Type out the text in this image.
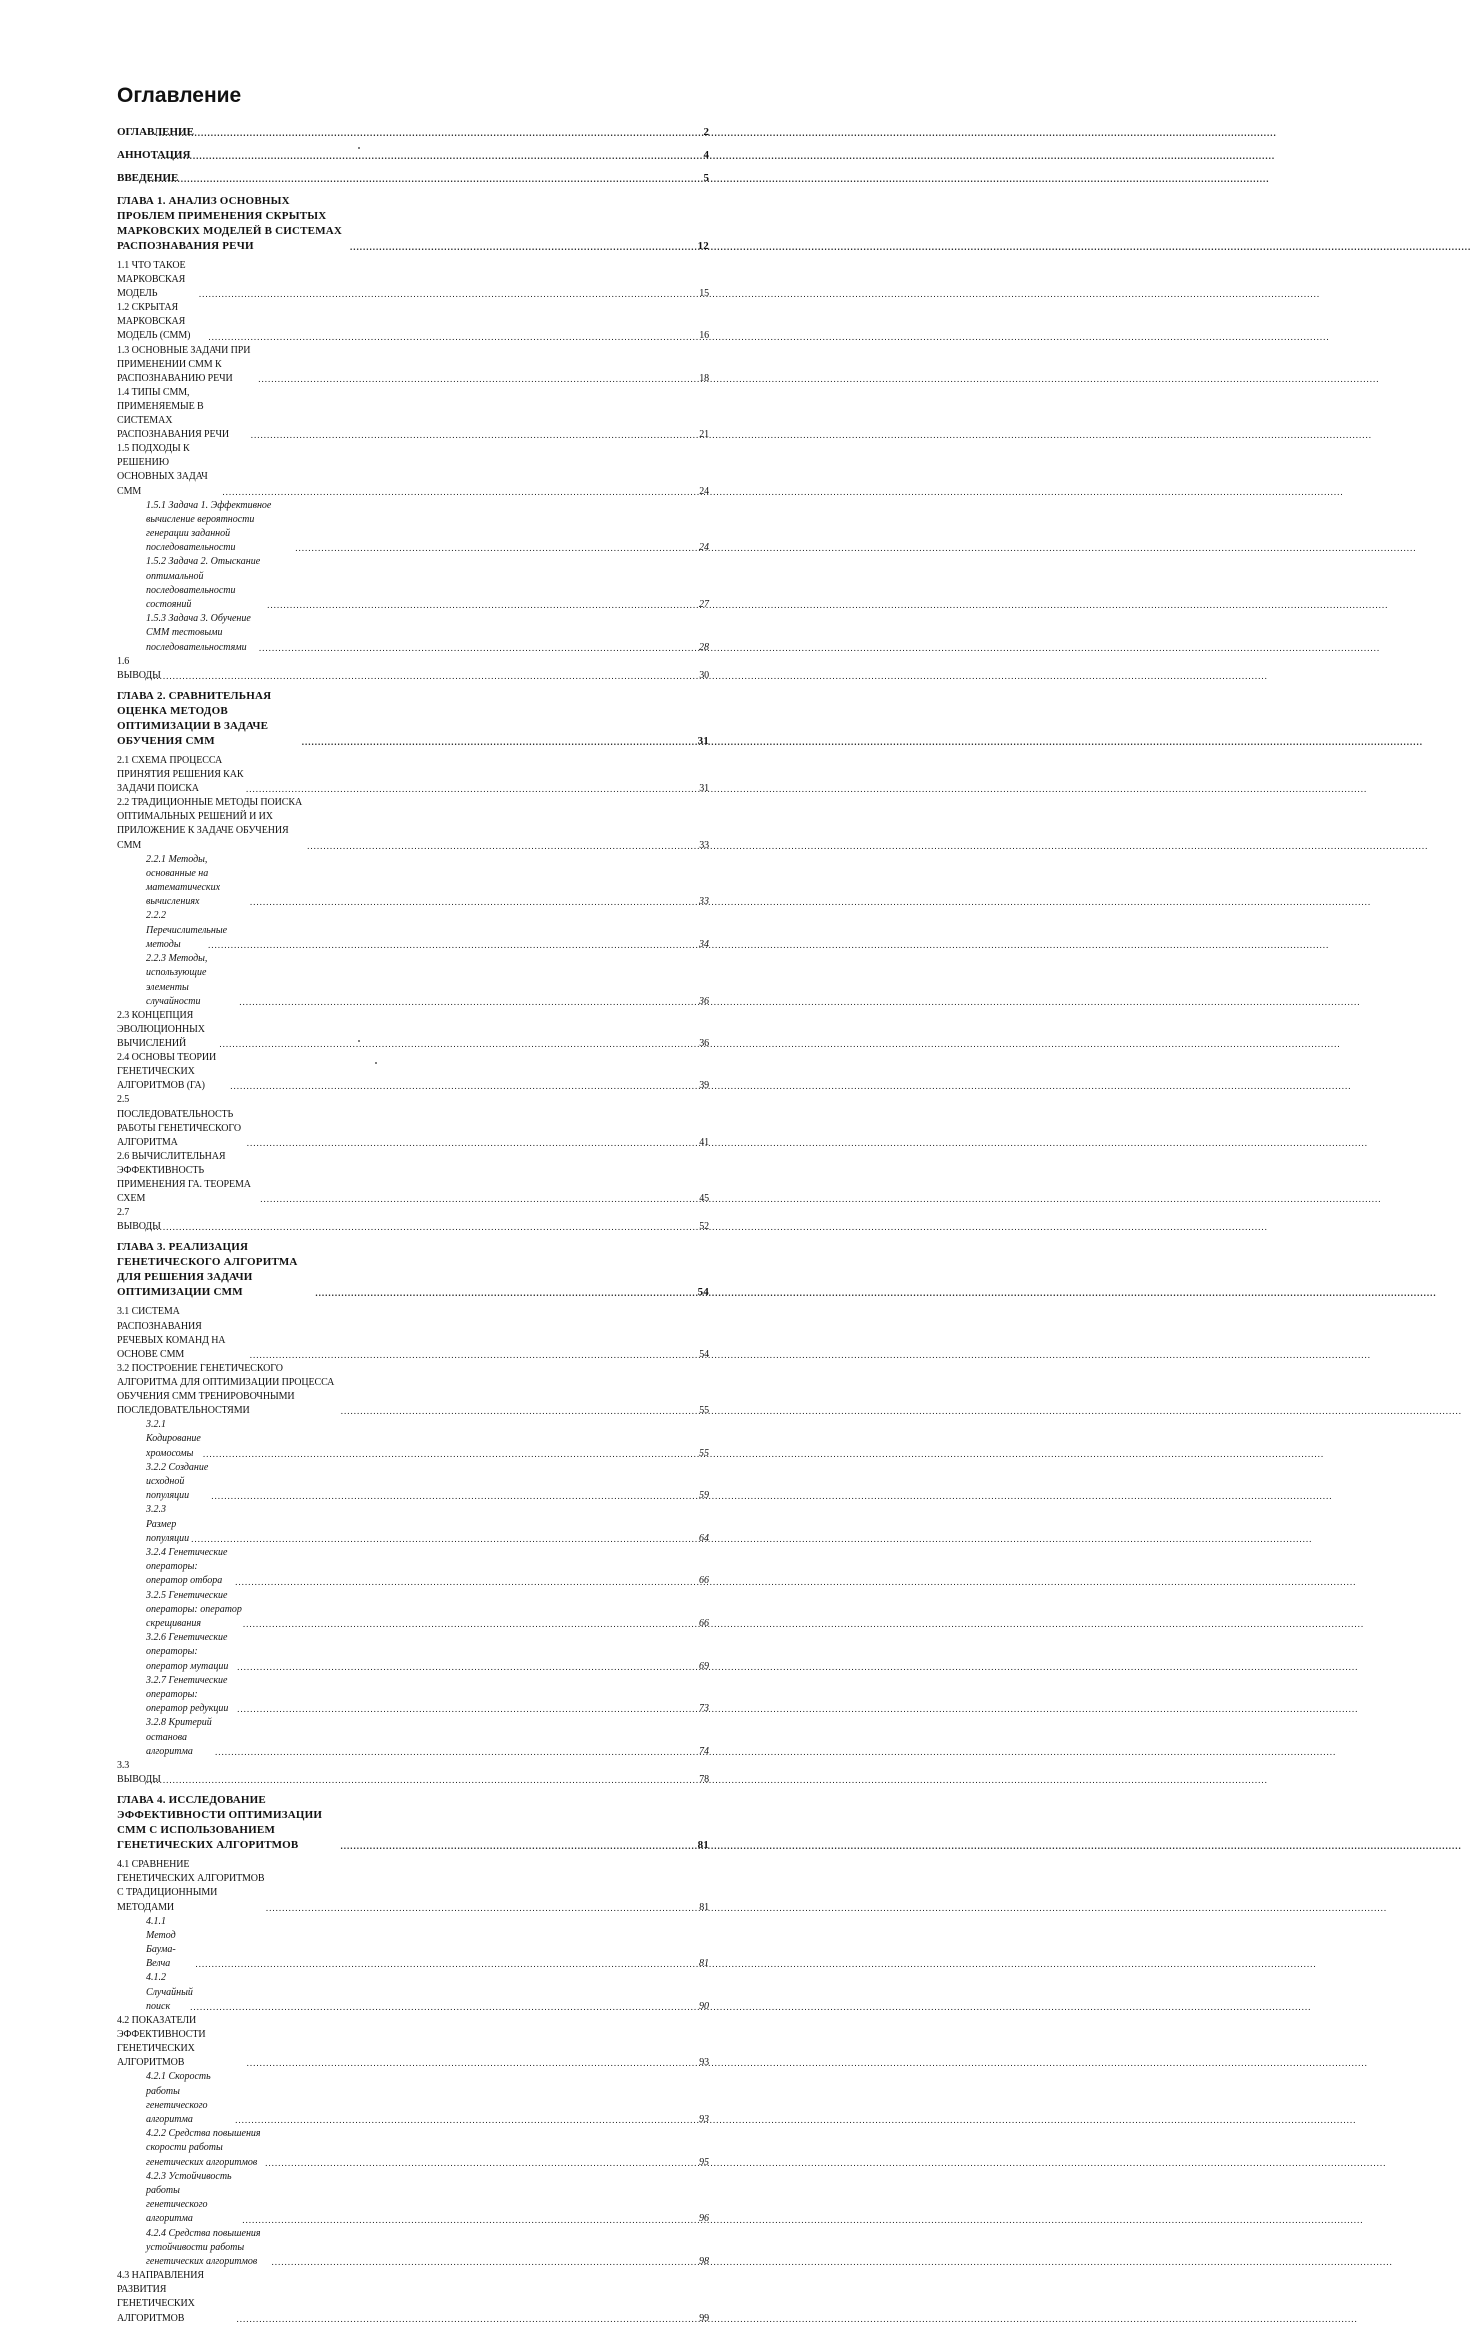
Оглавление
ОГЛАВЛЕНИЕ .....	2
АННОТАЦИЯ .....	4
ВВЕДЕНИЕ .....	5
ГЛАВА 1. АНАЛИЗ ОСНОВНЫХ ПРОБЛЕМ ПРИМЕНЕНИЯ СКРЫТЫХ МАРКОВСКИХ МОДЕЛЕЙ В СИСТЕМАХ РАСПОЗНАВАНИЯ РЕЧИ .....	12
1.1 ЧТО ТАКОЕ МАРКОВСКАЯ МОДЕЛЬ .....	15
1.2 СКРЫТАЯ МАРКОВСКАЯ МОДЕЛЬ (СММ) .....	16
1.3 ОСНОВНЫЕ ЗАДАЧИ ПРИ ПРИМЕНЕНИИ СММ К РАСПОЗНАВАНИЮ РЕЧИ .....	18
1.4 ТИПЫ СММ, ПРИМЕНЯЕМЫЕ В СИСТЕМАХ РАСПОЗНАВАНИЯ РЕЧИ .....	21
1.5 ПОДХОДЫ К РЕШЕНИЮ ОСНОВНЫХ ЗАДАЧ СММ .....	24
1.5.1 Задача 1. Эффективное вычисление вероятности генерации заданной последовательности .....	24
1.5.2 Задача 2. Отыскание оптимальной последовательности состояний .....	27
1.5.3 Задача 3. Обучение СММ тестовыми последовательностями .....	28
1.6 ВЫВОДЫ .....	30
ГЛАВА 2. СРАВНИТЕЛЬНАЯ ОЦЕНКА МЕТОДОВ ОПТИМИЗАЦИИ В ЗАДАЧЕ ОБУЧЕНИЯ СММ .....	31
2.1 СХЕМА ПРОЦЕССА ПРИНЯТИЯ РЕШЕНИЯ КАК ЗАДАЧИ ПОИСКА .....	31
2.2 ТРАДИЦИОННЫЕ МЕТОДЫ ПОИСКА ОПТИМАЛЬНЫХ РЕШЕНИЙ И ИХ ПРИЛОЖЕНИЕ К ЗАДАЧЕ ОБУЧЕНИЯ СММ .....	33
2.2.1 Методы, основанные на математических вычислениях .....	33
2.2.2 Перечислительные методы .....	34
2.2.3 Методы, использующие элементы случайности .....	36
2.3 КОНЦЕПЦИЯ ЭВОЛЮЦИОННЫХ ВЫЧИСЛЕНИЙ .....	36
2.4 ОСНОВЫ ТЕОРИИ ГЕНЕТИЧЕСКИХ АЛГОРИТМОВ (ГА) .....	39
2.5 ПОСЛЕДОВАТЕЛЬНОСТЬ РАБОТЫ ГЕНЕТИЧЕСКОГО АЛГОРИТМА .....	41
2.6 ВЫЧИСЛИТЕЛЬНАЯ ЭФФЕКТИВНОСТЬ ПРИМЕНЕНИЯ ГА. ТЕОРЕМА СХЕМ .....	45
2.7 ВЫВОДЫ .....	52
ГЛАВА 3. РЕАЛИЗАЦИЯ ГЕНЕТИЧЕСКОГО АЛГОРИТМА ДЛЯ РЕШЕНИЯ ЗАДАЧИ ОПТИМИЗАЦИИ СММ .....	54
3.1 СИСТЕМА РАСПОЗНАВАНИЯ РЕЧЕВЫХ КОМАНД НА ОСНОВЕ СММ .....	54
3.2 ПОСТРОЕНИЕ ГЕНЕТИЧЕСКОГО АЛГОРИТМА ДЛЯ ОПТИМИЗАЦИИ ПРОЦЕССА ОБУЧЕНИЯ СММ ТРЕНИРОВОЧНЫМИ ПОСЛЕДОВАТЕЛЬНОСТЯМИ .....	55
3.2.1 Кодирование хромосомы .....	55
3.2.2 Создание исходной популяции .....	59
3.2.3 Размер популяции .....	64
3.2.4 Генетические операторы: оператор отбора .....	66
3.2.5 Генетические операторы: оператор скрещивания .....	66
3.2.6 Генетические операторы: оператор мутации .....	69
3.2.7 Генетические операторы: оператор редукции .....	73
3.2.8 Критерий останова алгоритма .....	74
3.3 ВЫВОДЫ .....	78
ГЛАВА 4. ИССЛЕДОВАНИЕ ЭФФЕКТИВНОСТИ ОПТИМИЗАЦИИ СММ С ИСПОЛЬЗОВАНИЕМ ГЕНЕТИЧЕСКИХ АЛГОРИТМОВ .....	81
4.1 СРАВНЕНИЕ ГЕНЕТИЧЕСКИХ АЛГОРИТМОВ С ТРАДИЦИОННЫМИ МЕТОДАМИ .....	81
4.1.1 Метод Баума-Велча .....	81
4.1.2 Случайный поиск .....	90
4.2 ПОКАЗАТЕЛИ ЭФФЕКТИВНОСТИ ГЕНЕТИЧЕСКИХ АЛГОРИТМОВ .....	93
4.2.1 Скорость работы генетического алгоритма .....	93
4.2.2 Средства повышения скорости работы генетических алгоритмов .....	95
4.2.3 Устойчивость работы генетического алгоритма .....	96
4.2.4 Средства повышения устойчивости работы генетических алгоритмов .....	98
4.3 НАПРАВЛЕНИЯ РАЗВИТИЯ ГЕНЕТИЧЕСКИХ АЛГОРИТМОВ .....	99
